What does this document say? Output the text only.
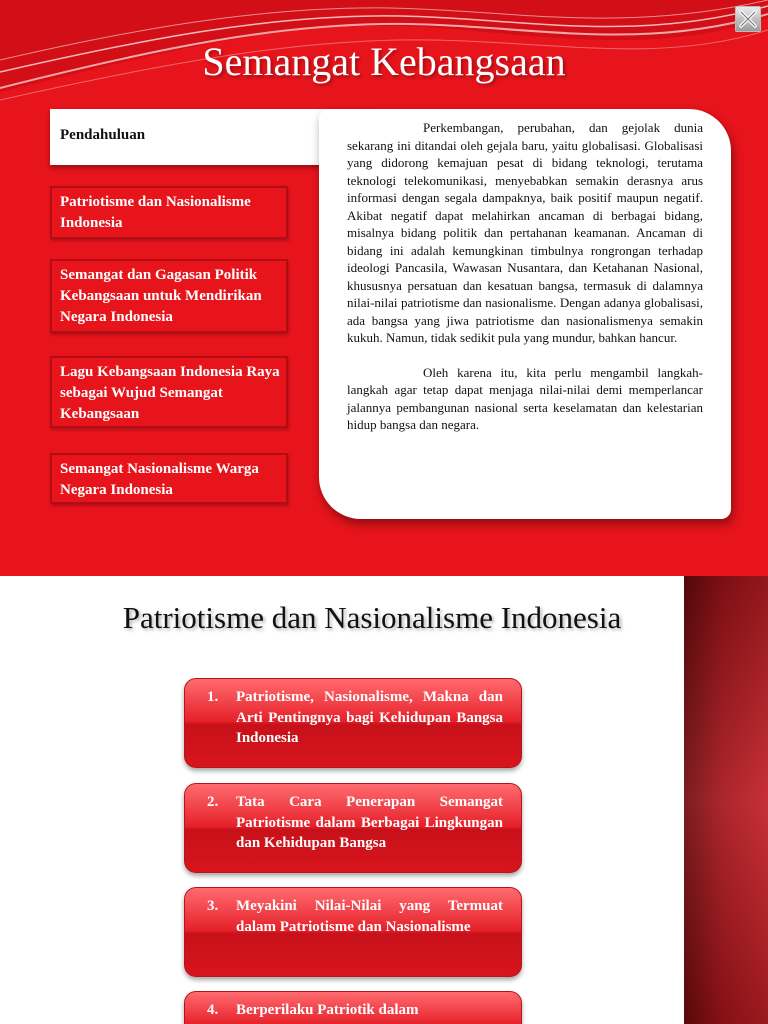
Semangat Kebangsaan
Pendahuluan
Patriotisme dan Nasionalisme Indonesia
Semangat dan Gagasan Politik Kebangsaan untuk Mendirikan Negara Indonesia
Lagu Kebangsaan Indonesia Raya sebagai Wujud Semangat Kebangsaan
Semangat Nasionalisme Warga Negara Indonesia

Perkembangan, perubahan, dan gejolak dunia sekarang ini ditandai oleh gejala baru, yaitu globalisasi. Globalisasi yang didorong kemajuan pesat di bidang teknologi, terutama teknologi telekomunikasi, menyebabkan semakin derasnya arus informasi dengan segala dampaknya, baik positif maupun negatif. Akibat negatif dapat melahirkan ancaman di berbagai bidang, misalnya bidang politik dan pertahanan keamanan. Ancaman di bidang ini adalah kemungkinan timbulnya rongrongan terhadap ideologi Pancasila, Wawasan Nusantara, dan Ketahanan Nasional, khususnya persatuan dan kesatuan bangsa, termasuk di dalamnya nilai-nilai patriotisme dan nasionalisme. Dengan adanya globalisasi, ada bangsa yang jiwa patriotisme dan nasionalismenya semakin kukuh. Namun, tidak sedikit pula yang mundur, bahkan hancur.

Oleh karena itu, kita perlu mengambil langkah-langkah agar tetap dapat menjaga nilai-nilai demi memperlancar jalannya pembangunan nasional serta keselamatan dan kelestarian hidup bangsa dan negara.

Patriotisme dan Nasionalisme Indonesia
1.	Patriotisme, Nasionalisme, Makna dan Arti Pentingnya bagi Kehidupan Bangsa Indonesia
2.	Tata Cara Penerapan Semangat Patriotisme dalam Berbagai Lingkungan dan Kehidupan Bangsa
3.	Meyakini Nilai-Nilai yang Termuat dalam Patriotisme dan Nasionalisme
4.	Berperilaku Patriotik dalam
